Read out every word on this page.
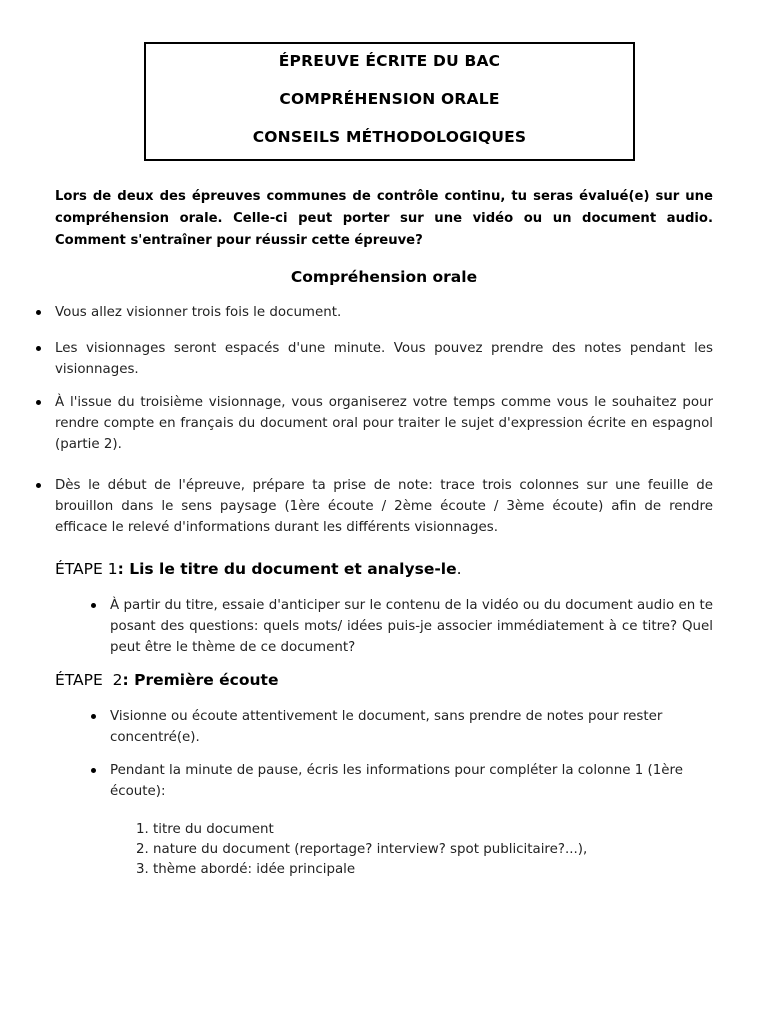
ÉPREUVE ÉCRITE DU BAC
COMPRÉHENSION ORALE
CONSEILS MÉTHODOLOGIQUES
Lors de deux des épreuves communes de contrôle continu, tu seras évalué(e) sur une compréhension orale. Celle-ci peut porter sur une vidéo ou un document audio. Comment s'entraîner pour réussir cette épreuve?
Compréhension orale
Vous allez visionner trois fois le document.
Les visionnages seront espacés d'une minute. Vous pouvez prendre des notes pendant les visionnages.
À l'issue du troisième visionnage, vous organiserez votre temps comme vous le souhaitez pour rendre compte en français du document oral pour traiter le sujet d'expression écrite en espagnol (partie 2).
Dès le début de l'épreuve, prépare ta prise de note: trace trois colonnes sur une feuille de brouillon dans le sens paysage (1ère écoute / 2ème écoute / 3ème écoute) afin de rendre efficace le relevé d'informations durant les différents visionnages.
ÉTAPE 1: Lis le titre du document et analyse-le.
À partir du titre, essaie d'anticiper sur le contenu de la vidéo ou du document audio en te posant des questions: quels mots/ idées puis-je associer immédiatement à ce titre? Quel peut être le thème de ce document?
ÉTAPE  2: Première écoute
Visionne ou écoute attentivement le document, sans prendre de notes pour rester concentré(e).
Pendant la minute de pause, écris les informations pour compléter la colonne 1 (1ère écoute):
1. titre du document
2. nature du document (reportage? interview? spot publicitaire?...),
3. thème abordé: idée principale
